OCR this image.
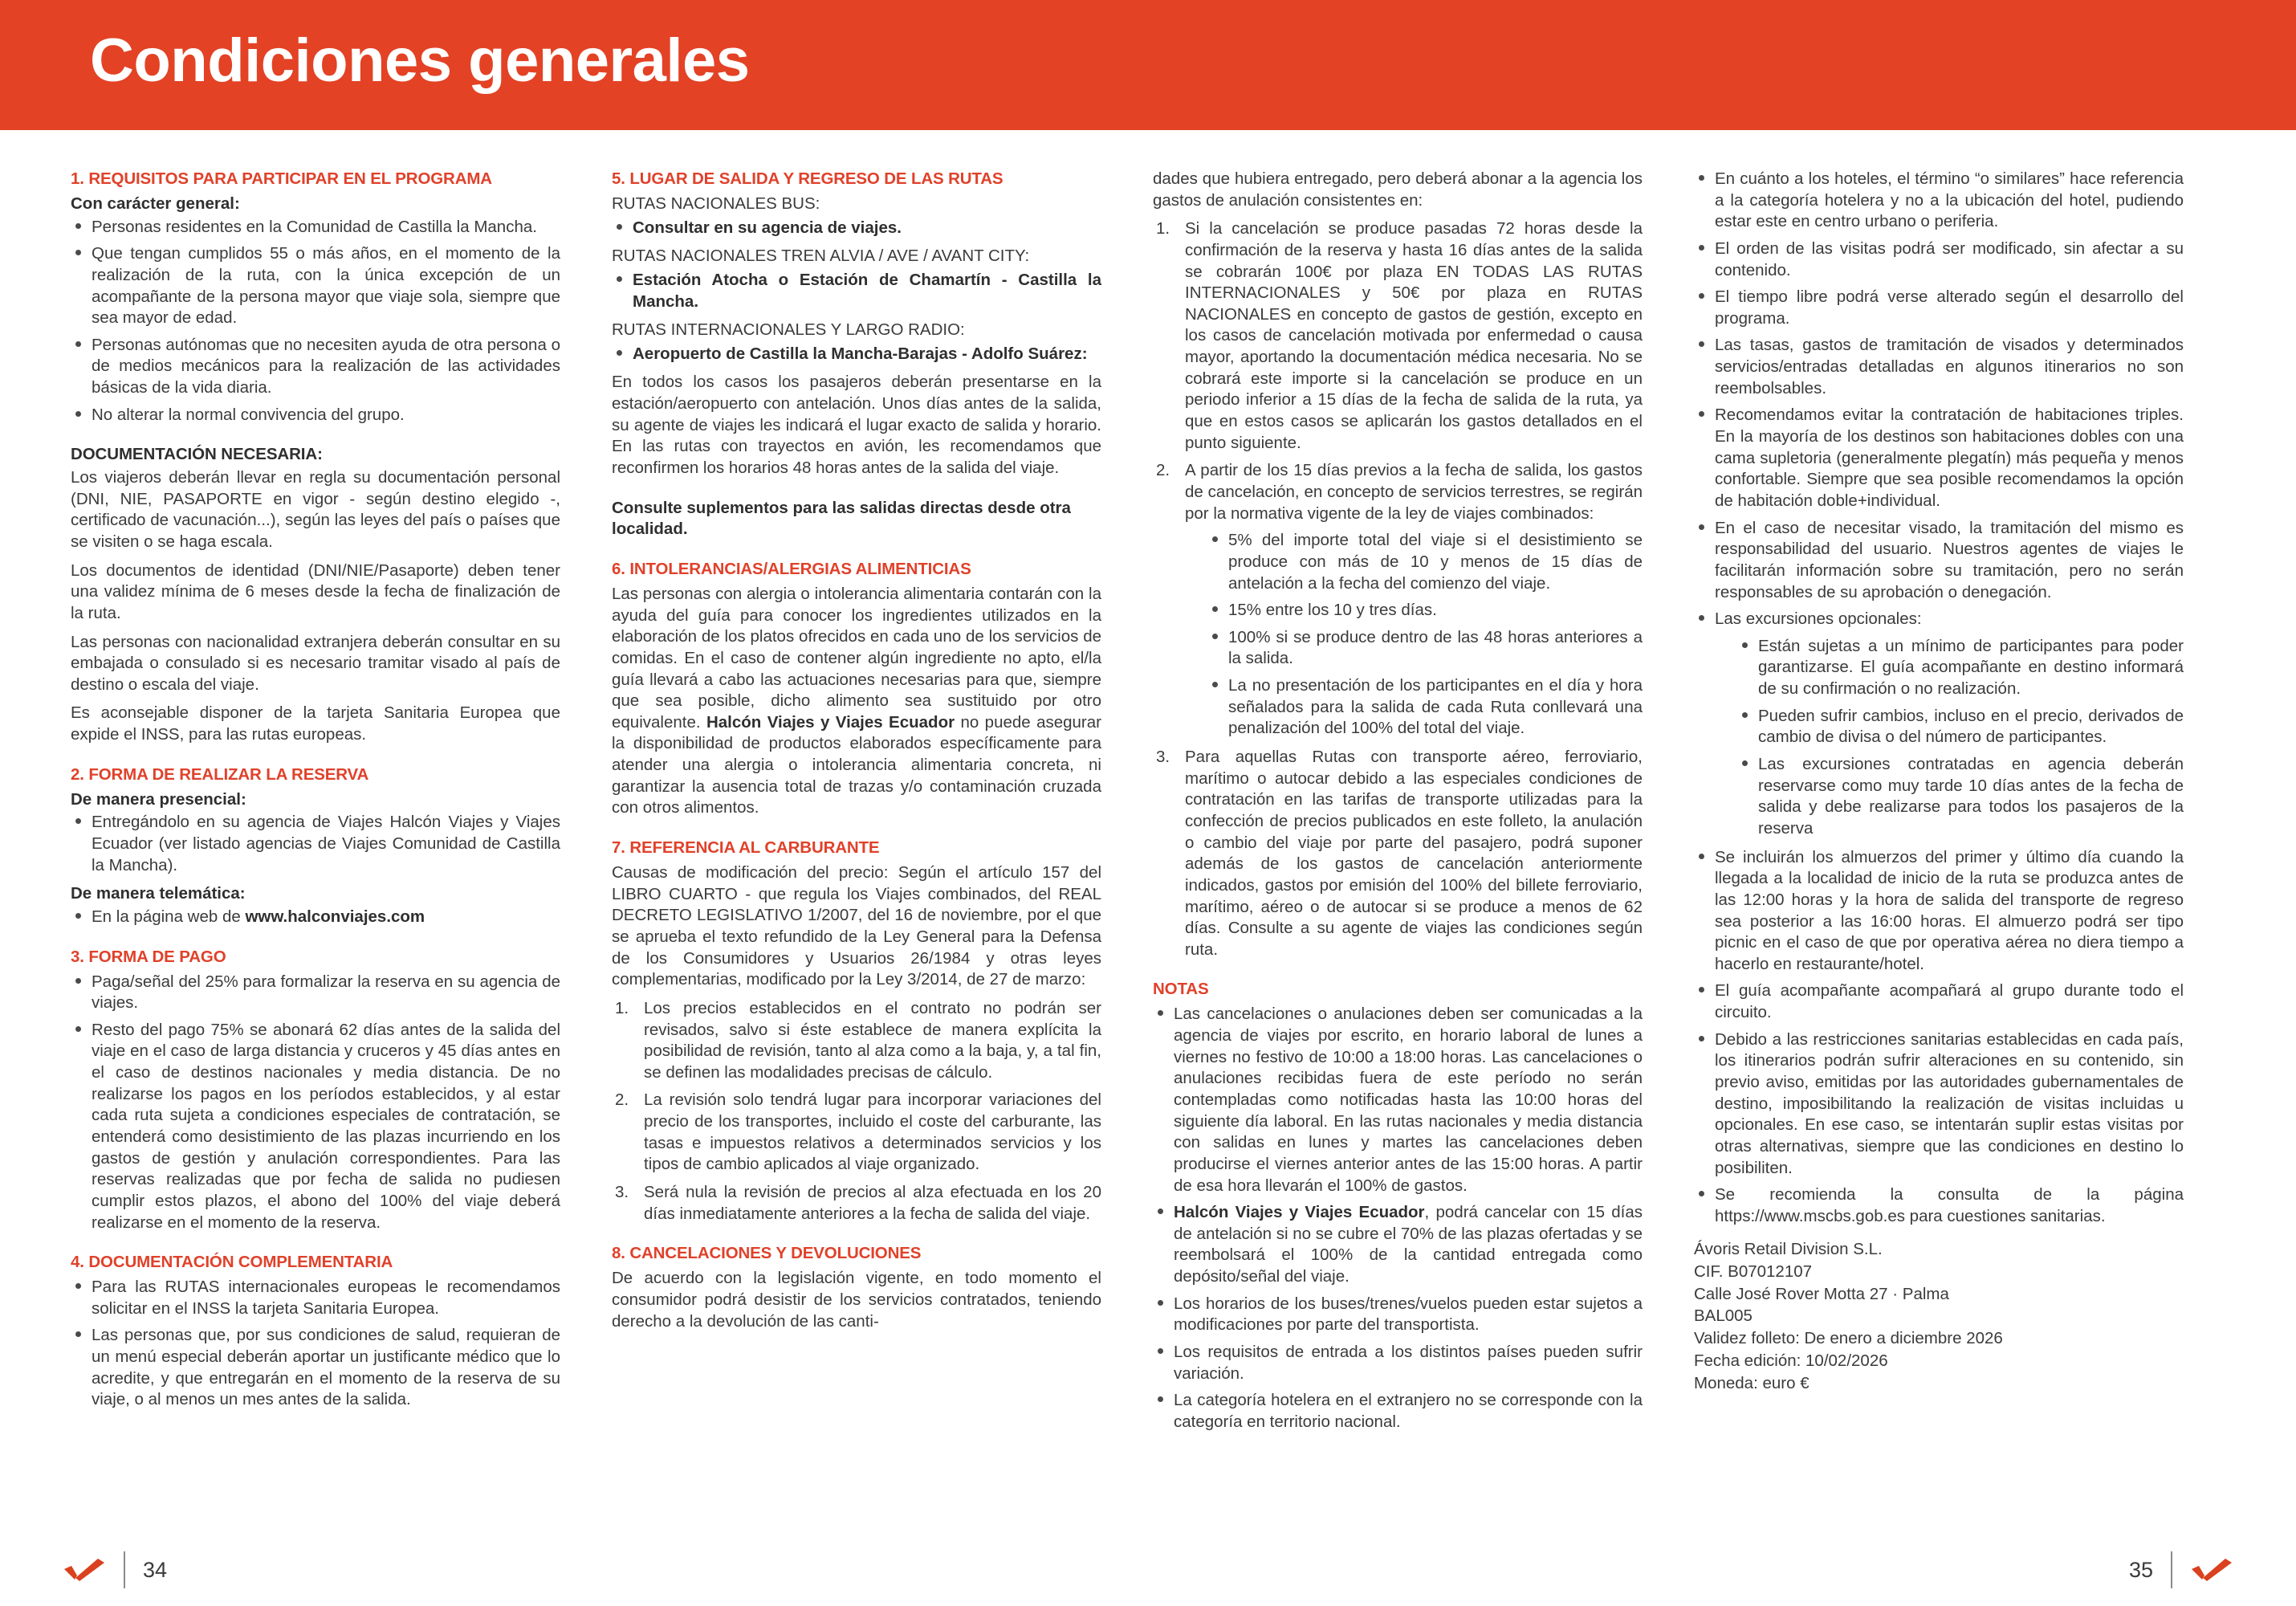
Condiciones generales
1. REQUISITOS PARA PARTICIPAR EN EL PROGRAMA
Con carácter general:
Personas residentes en la Comunidad de Castilla la Mancha.
Que tengan cumplidos 55 o más años, en el momento de la realización de la ruta, con la única excepción de un acompañante de la persona mayor que viaje sola, siempre que sea mayor de edad.
Personas autónomas que no necesiten ayuda de otra persona o de medios mecánicos para la realización de las actividades básicas de la vida diaria.
No alterar la normal convivencia del grupo.
DOCUMENTACIÓN NECESARIA:

Los viajeros deberán llevar en regla su documentación personal (DNI, NIE, PASAPORTE en vigor - según destino elegido -, certificado de vacunación...), según las leyes del país o países que se visiten o se haga escala.

Los documentos de identidad (DNI/NIE/Pasaporte) deben tener una validez mínima de 6 meses desde la fecha de finalización de la ruta.

Las personas con nacionalidad extranjera deberán consultar en su embajada o consulado si es necesario tramitar visado al país de destino o escala del viaje.

Es aconsejable disponer de la tarjeta Sanitaria Europea que expide el INSS, para las rutas europeas.

2. FORMA DE REALIZAR LA RESERVA
De manera presencial:
Entregándolo en su agencia de Viajes Halcón Viajes y Viajes Ecuador (ver listado agencias de Viajes Comunidad de Castilla la Mancha).
De manera telemática:
En la página web de www.halconviajes.com
3. FORMA DE PAGO
Paga/señal del 25% para formalizar la reserva en su agencia de viajes.
Resto del pago 75% se abonará 62 días antes de la salida del viaje en el caso de larga distancia y cruceros y 45 días antes en el caso de destinos nacionales y media distancia. De no realizarse los pagos en los períodos establecidos, y al estar cada ruta sujeta a condiciones especiales de contratación, se entenderá como desistimiento de las plazas incurriendo en los gastos de gestión y anulación correspondientes. Para las reservas realizadas que por fecha de salida no pudiesen cumplir estos plazos, el abono del 100% del viaje deberá realizarse en el momento de la reserva.
4. DOCUMENTACIÓN COMPLEMENTARIA
Para las RUTAS internacionales europeas le recomendamos solicitar en el INSS la tarjeta Sanitaria Europea.
Las personas que, por sus condiciones de salud, requieran de un menú especial deberán aportar un justificante médico que lo acredite, y que entregarán en el momento de la reserva de su viaje, o al menos un mes antes de la salida.
5. LUGAR DE SALIDA Y REGRESO DE LAS RUTAS

RUTAS NACIONALES BUS:

Consultar en su agencia de viajes.

RUTAS NACIONALES TREN ALVIA / AVE / AVANT CITY:

Estación Atocha o Estación de Chamartín - Castilla la Mancha.

RUTAS INTERNACIONALES Y LARGO RADIO:

Aeropuerto de Castilla la Mancha-Barajas - Adolfo Suárez:

En todos los casos los pasajeros deberán presentarse en la estación/aeropuerto con antelación. Unos días antes de la salida, su agente de viajes les indicará el lugar exacto de salida y horario. En las rutas con trayectos en avión, les recomendamos que reconfirmen los horarios 48 horas antes de la salida del viaje.

Consulte suplementos para las salidas directas desde otra localidad.

6. INTOLERANCIAS/ALERGIAS ALIMENTICIAS

Las personas con alergia o intolerancia alimentaria contarán con la ayuda del guía para conocer los ingredientes utilizados en la elaboración de los platos ofrecidos en cada uno de los servicios de comidas. En el caso de contener algún ingrediente no apto, el/la guía llevará a cabo las actuaciones necesarias para que, siempre que sea posible, dicho alimento sea sustituido por otro equivalente. Halcón Viajes y Viajes Ecuador no puede asegurar la disponibilidad de productos elaborados específicamente para atender una alergia o intolerancia alimentaria concreta, ni garantizar la ausencia total de trazas y/o contaminación cruzada con otros alimentos.

7. REFERENCIA AL CARBURANTE

Causas de modificación del precio: Según el artículo 157 del LIBRO CUARTO - que regula los Viajes combinados, del REAL DECRETO LEGISLATIVO 1/2007, del 16 de noviembre, por el que se aprueba el texto refundido de la Ley General para la Defensa de los Consumidores y Usuarios 26/1984 y otras leyes complementarias, modificado por la Ley 3/2014, de 27 de marzo:

Los precios establecidos en el contrato no podrán ser revisados, salvo si éste establece de manera explícita la posibilidad de revisión, tanto al alza como a la baja, y, a tal fin, se definen las modalidades precisas de cálculo.
La revisión solo tendrá lugar para incorporar variaciones del precio de los transportes, incluido el coste del carburante, las tasas e impuestos relativos a determinados servicios y los tipos de cambio aplicados al viaje organizado.
Será nula la revisión de precios al alza efectuada en los 20 días inmediatamente anteriores a la fecha de salida del viaje.
8. CANCELACIONES Y DEVOLUCIONES

De acuerdo con la legislación vigente, en todo momento el consumidor podrá desistir de los servicios contratados, teniendo derecho a la devolución de las canti-

dades que hubiera entregado, pero deberá abonar a la agencia los gastos de anulación consistentes en:

Si la cancelación se produce pasadas 72 horas desde la confirmación de la reserva y hasta 16 días antes de la salida se cobrarán 100€ por plaza EN TODAS LAS RUTAS INTERNACIONALES y 50€ por plaza en RUTAS NACIONALES en concepto de gastos de gestión, excepto en los casos de cancelación motivada por enfermedad o causa mayor, aportando la documentación médica necesaria. No se cobrará este importe si la cancelación se produce en un periodo inferior a 15 días de la fecha de salida de la ruta, ya que en estos casos se aplicarán los gastos detallados en el punto siguiente.
A partir de los 15 días previos a la fecha de salida, los gastos de cancelación, en concepto de servicios terrestres, se regirán por la normativa vigente de la ley de viajes combinados:
5% del importe total del viaje si el desistimiento se produce con más de 10 y menos de 15 días de antelación a la fecha del comienzo del viaje.
15% entre los 10 y tres días.
100% si se produce dentro de las 48 horas anteriores a la salida.
La no presentación de los participantes en el día y hora señalados para la salida de cada Ruta conllevará una penalización del 100% del total del viaje.
Para aquellas Rutas con transporte aéreo, ferroviario, marítimo o autocar debido a las especiales condiciones de contratación en las tarifas de transporte utilizadas para la confección de precios publicados en este folleto, la anulación o cambio del viaje por parte del pasajero, podrá suponer además de los gastos de cancelación anteriormente indicados, gastos por emisión del 100% del billete ferroviario, marítimo, aéreo o de autocar si se produce a menos de 62 días. Consulte a su agente de viajes las condiciones según ruta.
NOTAS
Las cancelaciones o anulaciones deben ser comunicadas a la agencia de viajes por escrito, en horario laboral de lunes a viernes no festivo de 10:00 a 18:00 horas. Las cancelaciones o anulaciones recibidas fuera de este período no serán contempladas como notificadas hasta las 10:00 horas del siguiente día laboral. En las rutas nacionales y media distancia con salidas en lunes y martes las cancelaciones deben producirse el viernes anterior antes de las 15:00 horas. A partir de esa hora llevarán el 100% de gastos.
Halcón Viajes y Viajes Ecuador, podrá cancelar con 15 días de antelación si no se cubre el 70% de las plazas ofertadas y se reembolsará el 100% de la cantidad entregada como depósito/señal del viaje.
Los horarios de los buses/trenes/vuelos pueden estar sujetos a modificaciones por parte del transportista.
Los requisitos de entrada a los distintos países pueden sufrir variación.
La categoría hotelera en el extranjero no se corresponde con la categoría en territorio nacional.
En cuánto a los hoteles, el término “o similares” hace referencia a la categoría hotelera y no a la ubicación del hotel, pudiendo estar este en centro urbano o periferia.
El orden de las visitas podrá ser modificado, sin afectar a su contenido.
El tiempo libre podrá verse alterado según el desarrollo del programa.
Las tasas, gastos de tramitación de visados y determinados servicios/entradas detalladas en algunos itinerarios no son reembolsables.
Recomendamos evitar la contratación de habitaciones triples. En la mayoría de los destinos son habitaciones dobles con una cama supletoria (generalmente plegatín) más pequeña y menos confortable. Siempre que sea posible recomendamos la opción de habitación doble+individual.
En el caso de necesitar visado, la tramitación del mismo es responsabilidad del usuario. Nuestros agentes de viajes le facilitarán información sobre su tramitación, pero no serán responsables de su aprobación o denegación.
Las excursiones opcionales:
Están sujetas a un mínimo de participantes para poder garantizarse. El guía acompañante en destino informará de su confirmación o no realización.
Pueden sufrir cambios, incluso en el precio, derivados de cambio de divisa o del número de participantes.
Las excursiones contratadas en agencia deberán reservarse como muy tarde 10 días antes de la fecha de salida y debe realizarse para todos los pasajeros de la reserva
Se incluirán los almuerzos del primer y último día cuando la llegada a la localidad de inicio de la ruta se produzca antes de las 12:00 horas y la hora de salida del transporte de regreso sea posterior a las 16:00 horas. El almuerzo podrá ser tipo picnic en el caso de que por operativa aérea no diera tiempo a hacerlo en restaurante/hotel.
El guía acompañante acompañará al grupo durante todo el circuito.
Debido a las restricciones sanitarias establecidas en cada país, los itinerarios podrán sufrir alteraciones en su contenido, sin previo aviso, emitidas por las autoridades gubernamentales de destino, imposibilitando la realización de visitas incluidas u opcionales. En ese caso, se intentarán suplir estas visitas por otras alternativas, siempre que las condiciones en destino lo posibiliten.
Se recomienda la consulta de la página https://www.mscbs.gob.es para cuestiones sanitarias.
Ávoris Retail Division S.L.
CIF. B07012107
Calle José Rover Motta 27 · Palma
BAL005
Validez folleto: De enero a diciembre 2026
Fecha edición: 10/02/2026
Moneda: euro €
34	35
